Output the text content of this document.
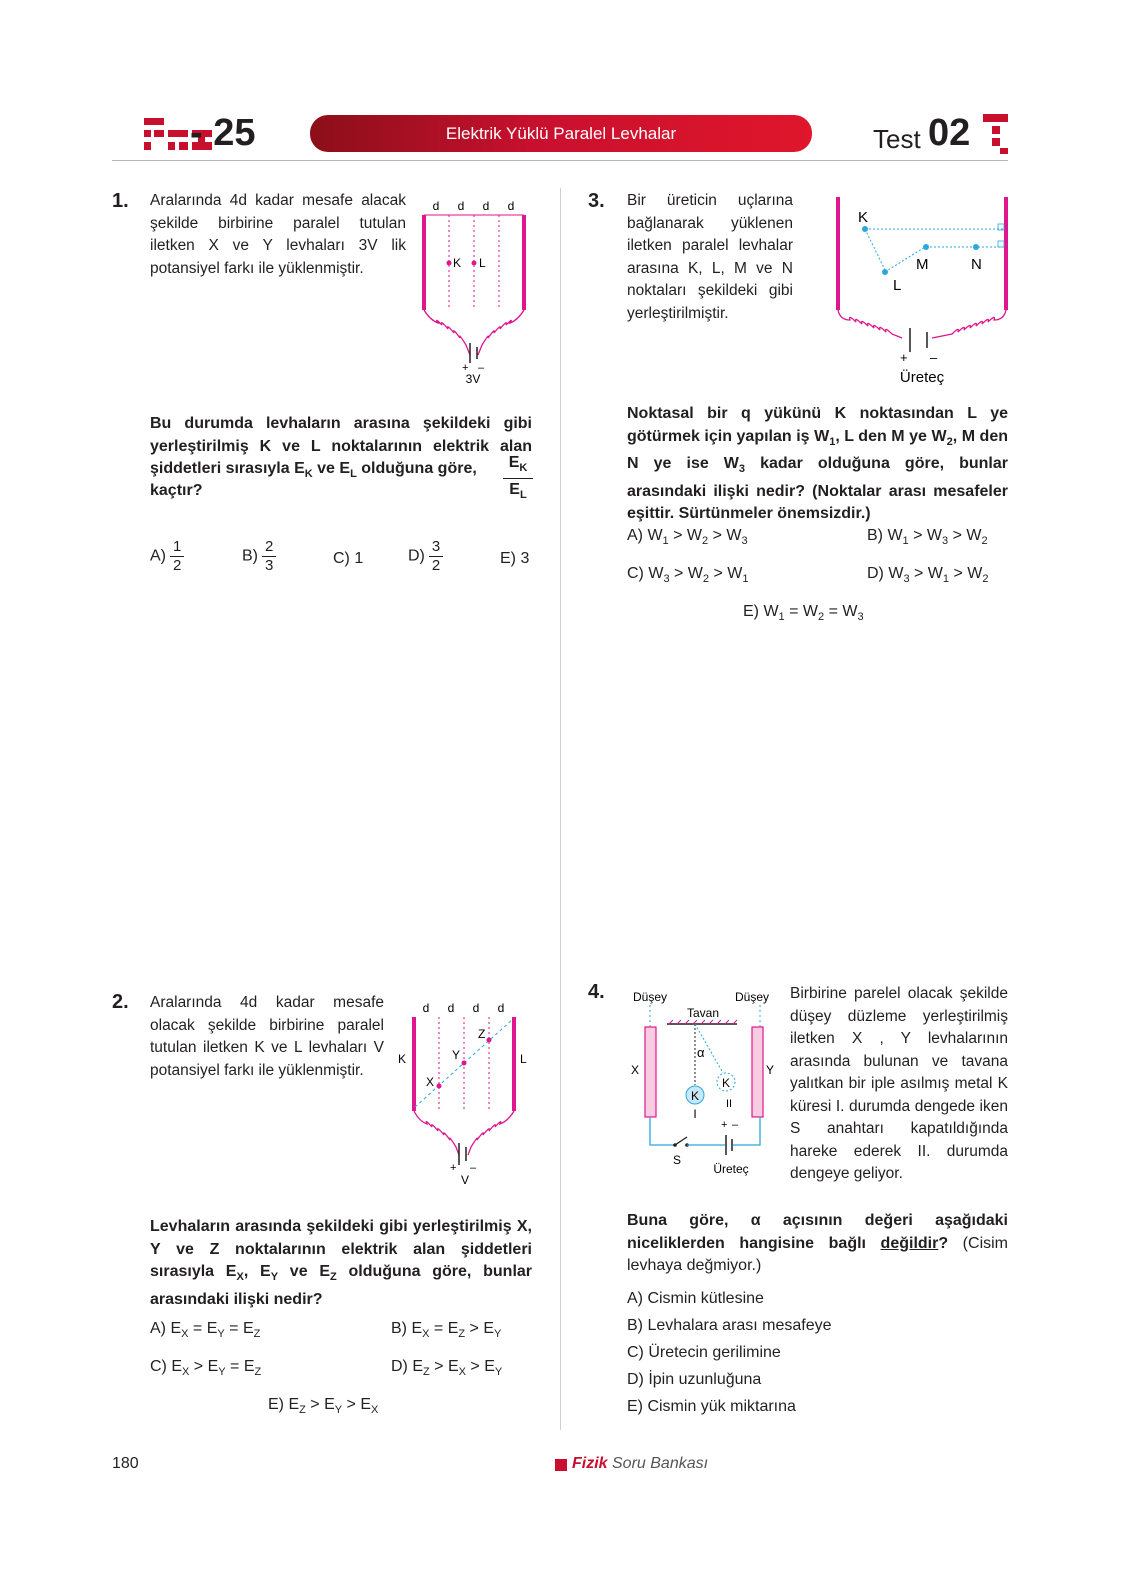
- 25	Elektrik Yüklü Paralel Levhalar	Test 02
1. Aralarında 4d kadar mesafe alacak şekilde birbirine paralel tutulan iletken X ve Y levhaları 3V lik potansiyel farkı ile yüklenmiştir.
d d d d
K L
+ –
3V
Bu durumda levhaların arasına şekildeki gibi yerleştirilmiş K ve L noktalarının elektrik alan şiddetleri sırasıyla $E_K$ ve $E_L$ olduğuna göre,
kaçtır?
$E_K$
$E_L$
$A) \frac{1}{2}$	$B) \frac{2}{3}$	C) 1	$D) \frac{3}{2}$	E) 3
3. Bir üreticin uçlarına bağlanarak yüklenen iletken paralel levhalar arasına K, L, M ve N noktaları şekildeki gibi yerleştirilmiştir.
K
L
M	N
+ –
Üreteç
Noktasal bir q yükünü K noktasından L ye götürmek için yapılan iş $W_1$, L den M ye $W_2$, M den N ye ise $W_3$ kadar olduğuna göre, bunlar arasındaki ilişki nedir? (Noktalar arası mesafeler eşittir. Sürtünmeler önemsizdir.)
A) $W_1 > W_2 > W_3$	B) $W_1 > W_3 > W_2$
C) $W_3 > W_2 > W_1$	D) $W_3 > W_1 > W_2$
E) $W_1 = W_2 = W_3$
2. Aralarında 4d kadar mesafe olacak şekilde birbirine paralel tutulan iletken K ve L levhaları V potansiyel farkı ile yüklenmiştir.
d d d d
K	L
X
Y
Z
+ –
V
Levhaların arasında şekildeki gibi yerleştirilmiş X, Y ve Z noktalarının elektrik alan şiddetleri sırasıyla $E_X$, $E_Y$ ve $E_Z$ olduğuna göre, bunlar arasındaki ilişki nedir?
A) $E_X = E_Y = E_Z$	B) $E_X = E_Z > E_Y$
C) $E_X > E_Y = E_Z$	D) $E_Z > E_X > E_Y$
E) $E_Z > E_Y > E_X$
4. Düşey	Düşey
Tavan
X	Y
α
K
I
K
II
+ –
S
Üreteç
Birbirine parelel olacak şekilde düşey düzleme yerleştirilmiş iletken X , Y levhalarının arasında bulunan ve tavana yalıtkan bir iple asılmış metal K küresi I. durumda dengede iken S anahtarı kapatıldığında hareke ederek II. durumda dengeye geliyor.
Buna göre, α açısının değeri aşağıdaki niceliklerden hangisine bağlı değildir? (Cisim levhaya değmiyor.)
A) Cismin kütlesine
B) Levhalara arası mesafeye
C) Üretecin gerilimine
D) İpin uzunluğuna
E) Cismin yük miktarına
180	Fizik Soru Bankası
